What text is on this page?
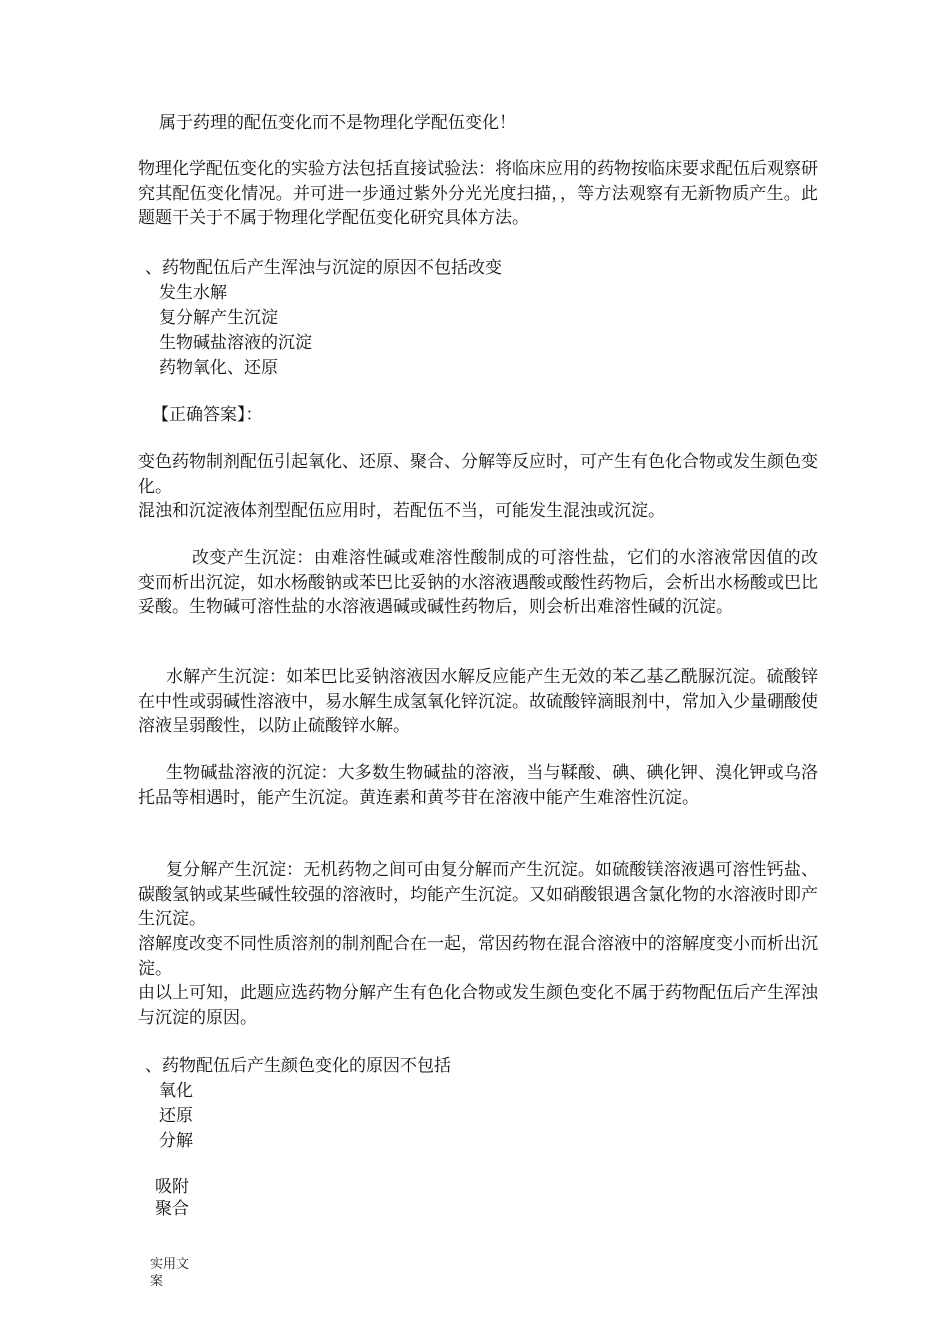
属于药理的配伍变化而不是物理化学配伍变化！

物理化学配伍变化的实验方法包括直接试验法：将临床应用的药物按临床要求配伍后观察研究其配伍变化情况。并可进一步通过紫外分光光度扫描，，等方法观察有无新物质产生。此题题干关于不属于物理化学配伍变化研究具体方法。

、药物配伍后产生浑浊与沉淀的原因不包括改变

发生水解

复分解产生沉淀

生物碱盐溶液的沉淀

药物氧化、还原

【正确答案】：

变色药物制剂配伍引起氧化、还原、聚合、分解等反应时，可产生有色化合物或发生颜色变化。

混浊和沉淀液体剂型配伍应用时，若配伍不当，可能发生混浊或沉淀。

改变产生沉淀：由难溶性碱或难溶性酸制成的可溶性盐，它们的水溶液常因值的改变而析出沉淀，如水杨酸钠或苯巴比妥钠的水溶液遇酸或酸性药物后，会析出水杨酸或巴比妥酸。生物碱可溶性盐的水溶液遇碱或碱性药物后，则会析出难溶性碱的沉淀。

水解产生沉淀：如苯巴比妥钠溶液因水解反应能产生无效的苯乙基乙酰脲沉淀。硫酸锌在中性或弱碱性溶液中，易水解生成氢氧化锌沉淀。故硫酸锌滴眼剂中，常加入少量硼酸使溶液呈弱酸性，以防止硫酸锌水解。

生物碱盐溶液的沉淀：大多数生物碱盐的溶液，当与鞣酸、碘、碘化钾、溴化钾或乌洛托品等相遇时，能产生沉淀。黄连素和黄芩苷在溶液中能产生难溶性沉淀。

复分解产生沉淀：无机药物之间可由复分解而产生沉淀。如硫酸镁溶液遇可溶性钙盐、碳酸氢钠或某些碱性较强的溶液时，均能产生沉淀。又如硝酸银遇含氯化物的水溶液时即产生沉淀。

溶解度改变不同性质溶剂的制剂配合在一起，常因药物在混合溶液中的溶解度变小而析出沉淀。

由以上可知，此题应选药物分解产生有色化合物或发生颜色变化不属于药物配伍后产生浑浊与沉淀的原因。

、药物配伍后产生颜色变化的原因不包括

氧化

还原

分解

吸附

聚合

实用文案
